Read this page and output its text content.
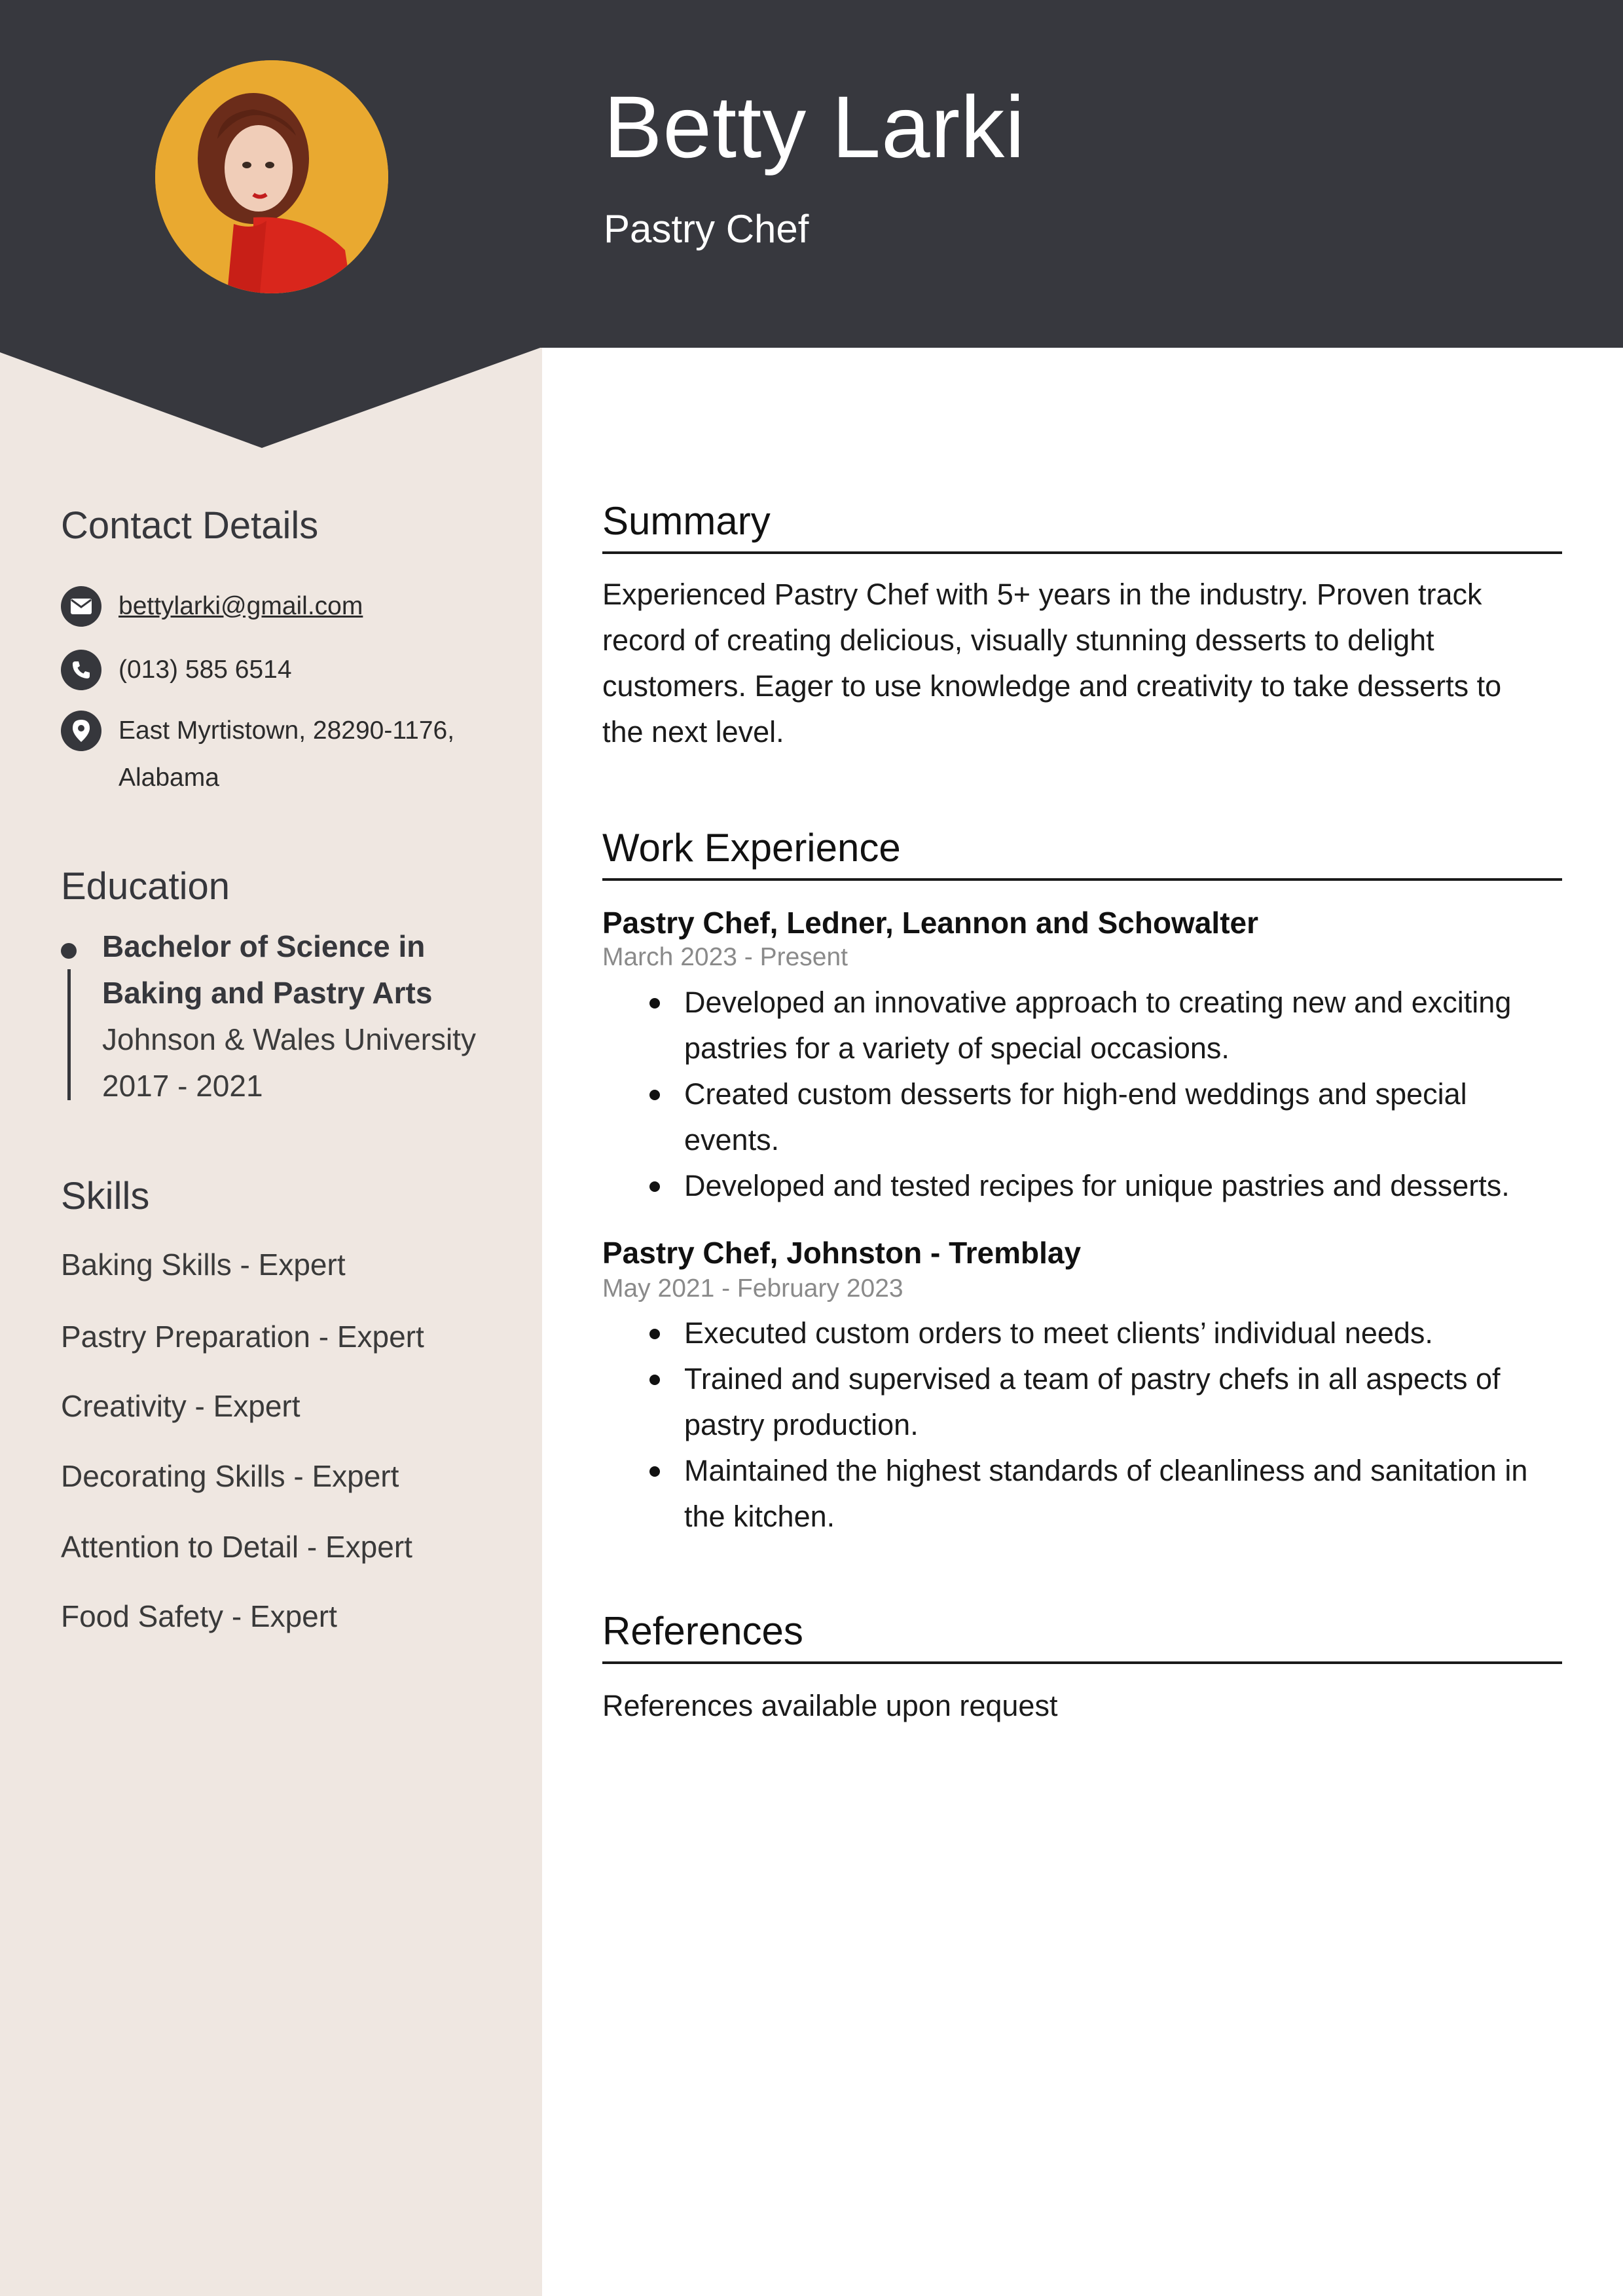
Betty Larki
Pastry Chef
Contact Details
bettylarki@gmail.com
(013) 585 6514
East Myrtistown, 28290-1176,
Alabama
Education
Bachelor of Science in
Baking and Pastry Arts
Johnson & Wales University
2017 - 2021
Skills
Baking Skills - Expert
Pastry Preparation - Expert
Creativity - Expert
Decorating Skills - Expert
Attention to Detail - Expert
Food Safety - Expert
Summary
Experienced Pastry Chef with 5+ years in the industry. Proven track
record of creating delicious, visually stunning desserts to delight
customers. Eager to use knowledge and creativity to take desserts to
the next level.
Work Experience
Pastry Chef, Ledner, Leannon and Schowalter
March 2023 - Present
Developed an innovative approach to creating new and exciting
pastries for a variety of special occasions.
Created custom desserts for high-end weddings and special
events.
Developed and tested recipes for unique pastries and desserts.
Pastry Chef, Johnston - Tremblay
May 2021 - February 2023
Executed custom orders to meet clients’ individual needs.
Trained and supervised a team of pastry chefs in all aspects of
pastry production.
Maintained the highest standards of cleanliness and sanitation in
the kitchen.
References
References available upon request
